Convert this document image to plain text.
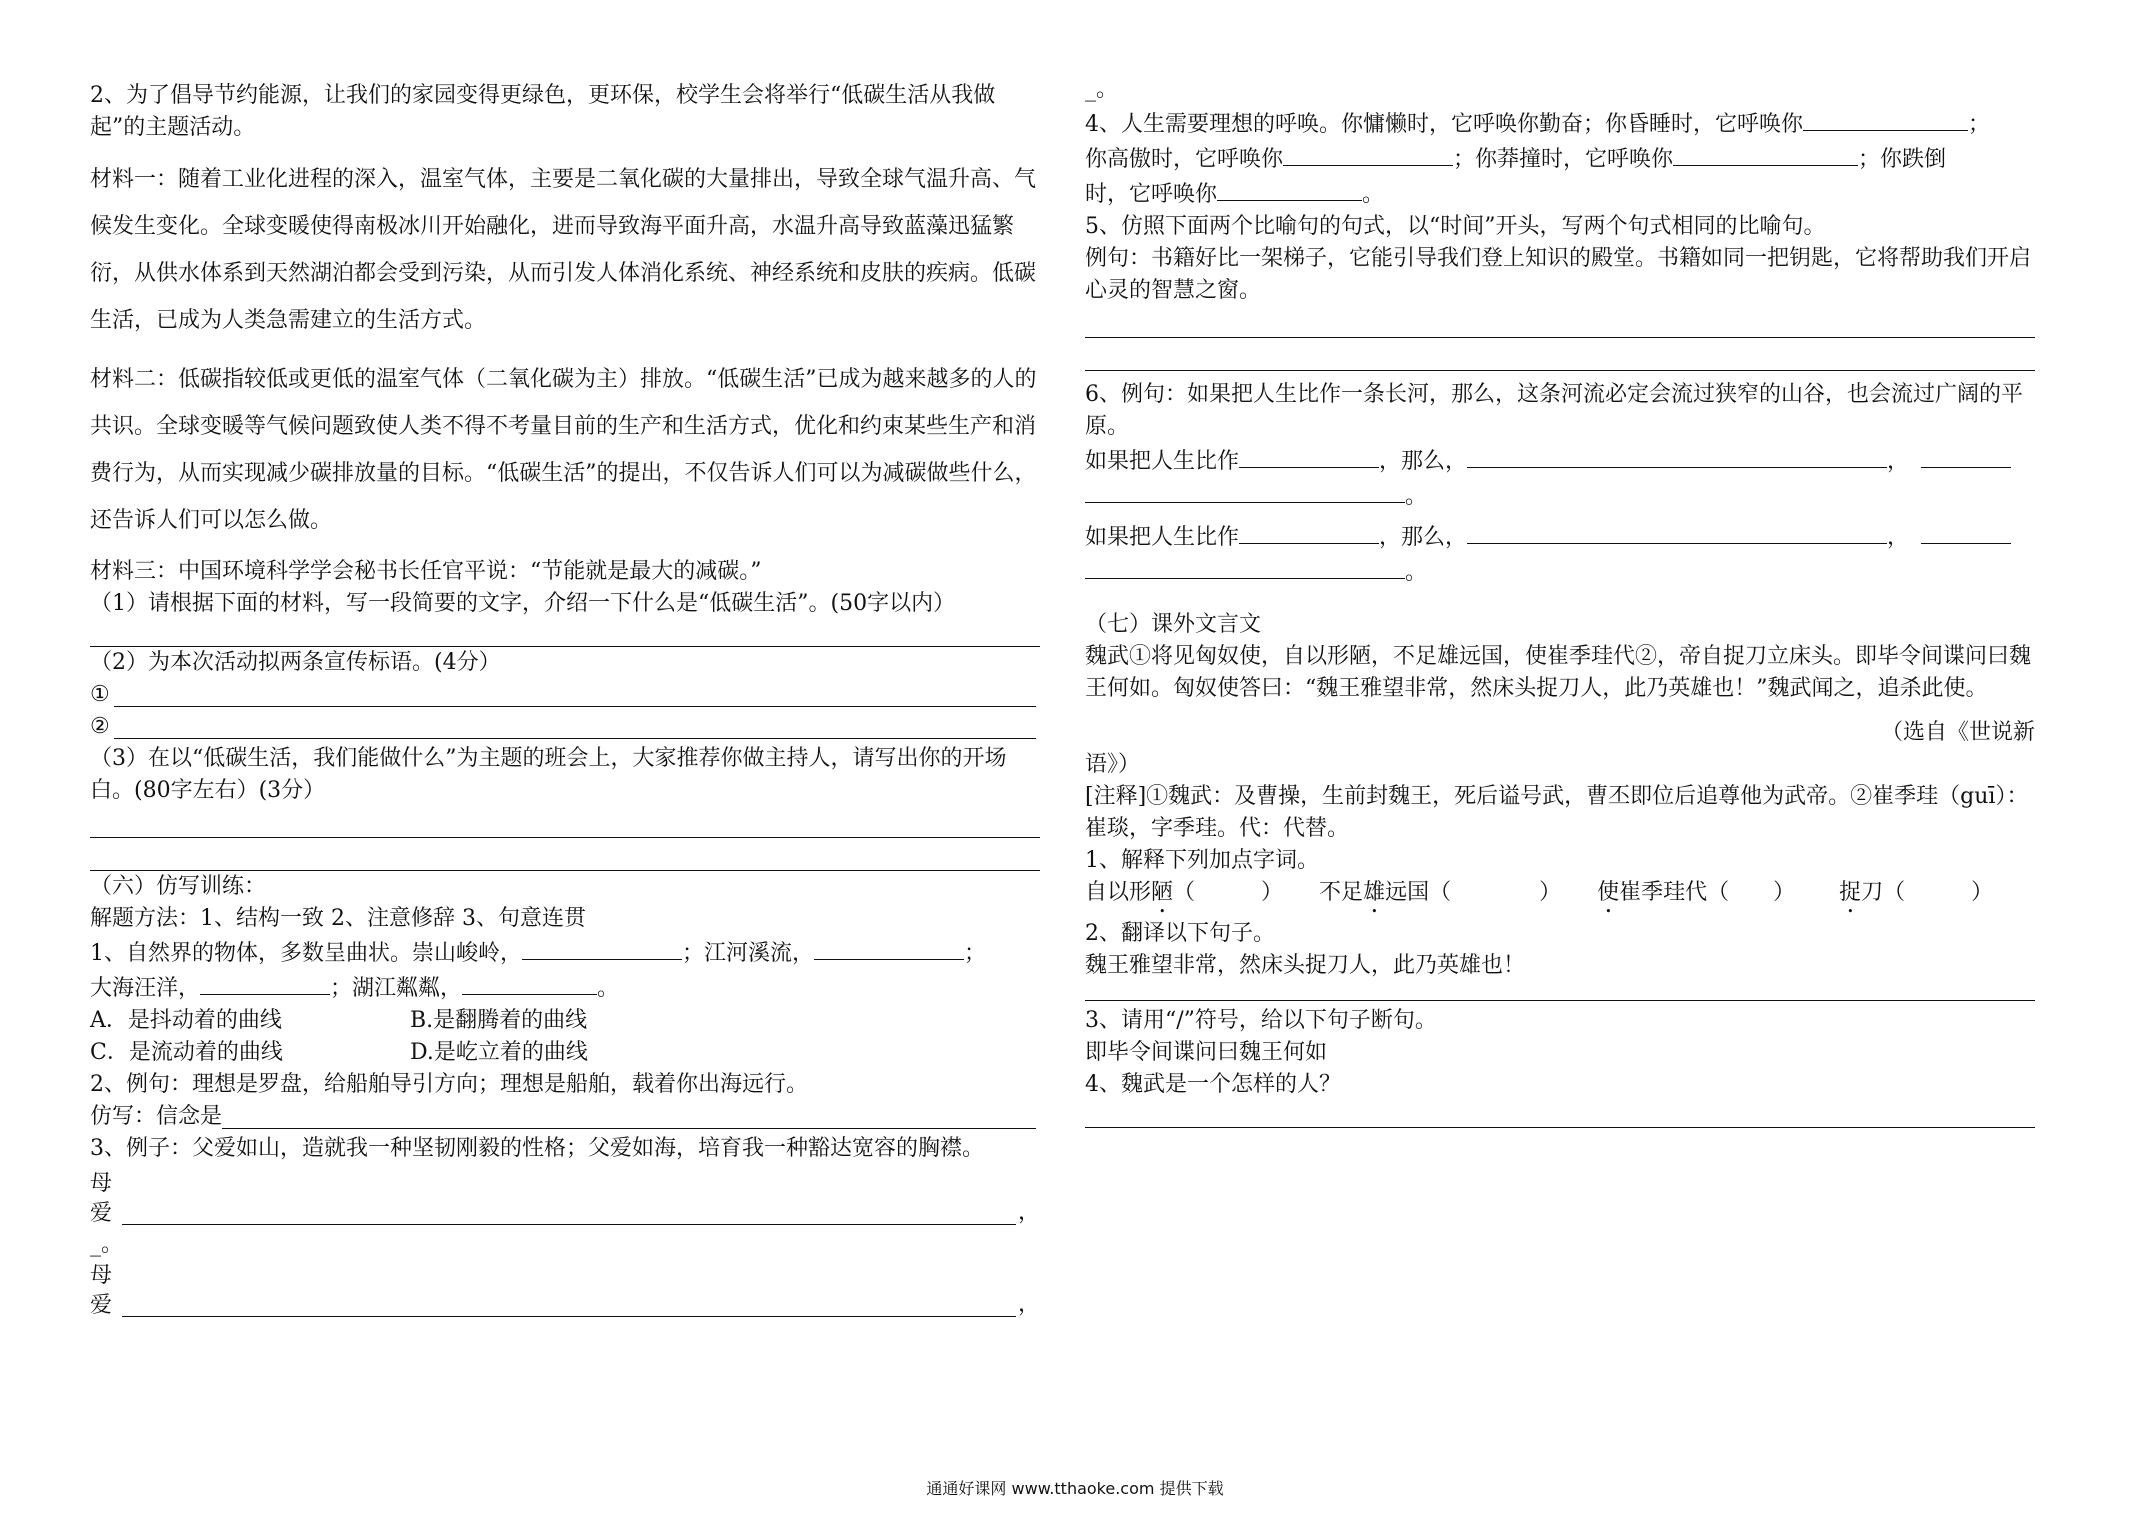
2、为了倡导节约能源，让我们的家园变得更绿色，更环保，校学生会将举行“低碳生活从我做起”的主题活动。

材料一：随着工业化进程的深入，温室气体，主要是二氧化碳的大量排出，导致全球气温升高、气候发生变化。全球变暖使得南极冰川开始融化，进而导致海平面升高，水温升高导致蓝藻迅猛繁衍，从供水体系到天然湖泊都会受到污染，从而引发人体消化系统、神经系统和皮肤的疾病。低碳生活，已成为人类急需建立的生活方式。

材料二：低碳指较低或更低的温室气体（二氧化碳为主）排放。“低碳生活”已成为越来越多的人的共识。全球变暖等气候问题致使人类不得不考量目前的生产和生活方式，优化和约束某些生产和消费行为，从而实现减少碳排放量的目标。“低碳生活”的提出，不仅告诉人们可以为减碳做些什么，还告诉人们可以怎么做。

材料三：中国环境科学学会秘书长任官平说：“节能就是最大的减碳。”

（1）请根据下面的材料，写一段简要的文字，介绍一下什么是“低碳生活”。(50字以内）

（2）为本次活动拟两条宣传标语。(4分）

①
②

（3）在以“低碳生活，我们能做什么”为主题的班会上，大家推荐你做主持人，请写出你的开场白。(80字左右）(3分）

（六）仿写训练：

解题方法：1、结构一致 2、注意修辞 3、句意连贯

1、自然界的物体，多数呈曲状。崇山峻岭，	；江河溪流，	；

大海汪洋，	；湖江粼粼，	。

A．是抖动着的曲线	B.是翻腾着的曲线

C．是流动着的曲线	D.是屹立着的曲线

2、例句：理想是罗盘，给船舶导引方向；理想是船舶，载着你出海远行。

仿写：信念是

3、例子：父爱如山，造就我一种坚韧刚毅的性格；父爱如海，培育我一种豁达宽容的胸襟。

母
爱	，

_。

母
爱	，

_。

4、人生需要理想的呼唤。你慵懒时，它呼唤你勤奋；你昏睡时，它呼唤你	；

你高傲时，它呼唤你	；你莽撞时，它呼唤你	；你跌倒

时，它呼唤你	。

5、仿照下面两个比喻句的句式，以“时间”开头，写两个句式相同的比喻句。

例句：书籍好比一架梯子，它能引导我们登上知识的殿堂。书籍如同一把钥匙，它将帮助我们开启心灵的智慧之窗。

6、例句：如果把人生比作一条长河，那么，这条河流必定会流过狭窄的山谷，也会流过广阔的平原。

如果把人生比作	，那么，	，

。

如果把人生比作	，那么，	，

。

（七）课外文言文

魏武①将见匈奴使，自以形陋，不足雄远国，使崔季珪代②，帝自捉刀立床头。即毕令间谍问曰魏王何如。匈奴使答曰：“魏王雅望非常，然床头捉刀人，此乃英雄也！”魏武闻之，追杀此使。

（选自《世说新

语》）

[注释]①魏武：及曹操，生前封魏王，死后谥号武，曹丕即位后追尊他为武帝。②崔季珪（guī）：崔琰，字季珪。代：代替。

1、解释下列加点字词。

自以形陋（　　　） 不足雄远国（　　　　） 使崔季珪代（　　） 捉刀（　　　）

2、翻译以下句子。

魏王雅望非常，然床头捉刀人，此乃英雄也！

3、请用“/”符号，给以下句子断句。

即毕令间谍问曰魏王何如

4、魏武是一个怎样的人？

通通好课网 www.tthaoke.com 提供下载
